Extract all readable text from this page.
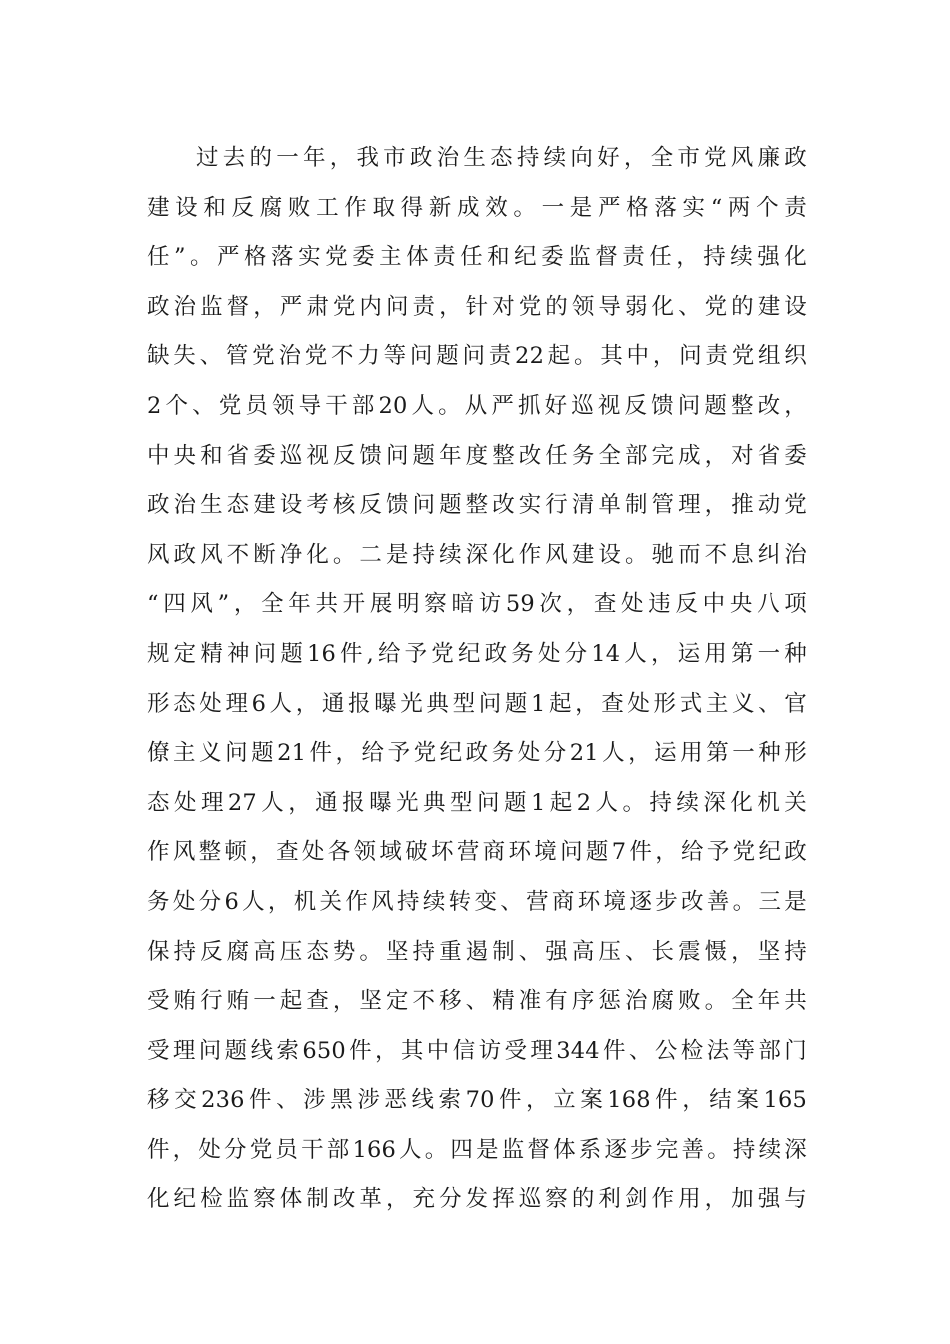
过去的一年，我市政治生态持续向好，全市党风廉政
建设和反腐败工作取得新成效。一是严格落实“两个责
任”。严格落实党委主体责任和纪委监督责任，持续强化
政治监督，严肃党内问责，针对党的领导弱化、党的建设
缺失、管党治党不力等问题问责22起。其中，问责党组织
2个、党员领导干部20人。从严抓好巡视反馈问题整改，
中央和省委巡视反馈问题年度整改任务全部完成，对省委
政治生态建设考核反馈问题整改实行清单制管理，推动党
风政风不断净化。二是持续深化作风建设。驰而不息纠治
“四风”，全年共开展明察暗访59次，查处违反中央八项
规定精神问题16件,给予党纪政务处分14人，运用第一种
形态处理6人，通报曝光典型问题1起，查处形式主义、官
僚主义问题21件，给予党纪政务处分21人，运用第一种形
态处理27人，通报曝光典型问题1起2人。持续深化机关
作风整顿，查处各领域破坏营商环境问题7件，给予党纪政
务处分6人，机关作风持续转变、营商环境逐步改善。三是
保持反腐高压态势。坚持重遏制、强高压、长震慑，坚持
受贿行贿一起查，坚定不移、精准有序惩治腐败。全年共
受理问题线索650件，其中信访受理344件、公检法等部门
移交236件、涉黑涉恶线索70件，立案168件，结案165
件，处分党员干部166人。四是监督体系逐步完善。持续深
化纪检监察体制改革，充分发挥巡察的利剑作用，加强与
